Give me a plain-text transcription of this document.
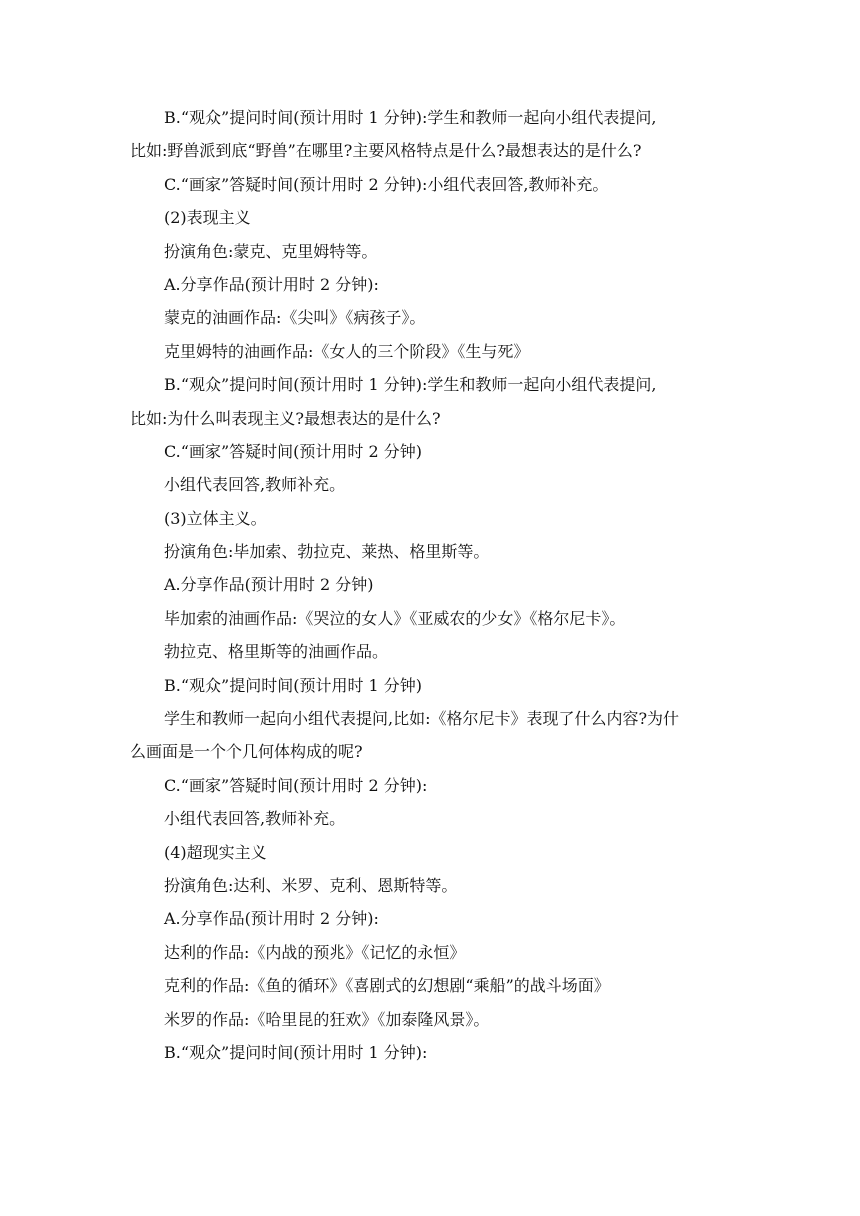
B.“观众”提问时间(预计用时 1 分钟):学生和教师一起向小组代表提问,
比如:野兽派到底“野兽”在哪里?主要风格特点是什么?最想表达的是什么?
C.“画家”答疑时间(预计用时 2 分钟):小组代表回答,教师补充。
(2)表现主义
扮演角色:蒙克、克里姆特等。
A.分享作品(预计用时 2 分钟):
蒙克的油画作品:《尖叫》《病孩子》。
克里姆特的油画作品:《女人的三个阶段》《生与死》
B.“观众”提问时间(预计用时 1 分钟):学生和教师一起向小组代表提问,
比如:为什么叫表现主义?最想表达的是什么?
C.“画家”答疑时间(预计用时 2 分钟)
小组代表回答,教师补充。
(3)立体主义。
扮演角色:毕加索、勃拉克、莱热、格里斯等。
A.分享作品(预计用时 2 分钟)
毕加索的油画作品:《哭泣的女人》《亚威农的少女》《格尔尼卡》。
勃拉克、格里斯等的油画作品。
B.“观众”提问时间(预计用时 1 分钟)
学生和教师一起向小组代表提问,比如:《格尔尼卡》表现了什么内容?为什
么画面是一个个几何体构成的呢?
C.“画家”答疑时间(预计用时 2 分钟):
小组代表回答,教师补充。
(4)超现实主义
扮演角色:达利、米罗、克利、恩斯特等。
A.分享作品(预计用时 2 分钟):
达利的作品:《内战的预兆》《记忆的永恒》
克利的作品:《鱼的循环》《喜剧式的幻想剧“乘船”的战斗场面》
米罗的作品:《哈里昆的狂欢》《加泰隆风景》。
B.“观众”提问时间(预计用时 1 分钟):
